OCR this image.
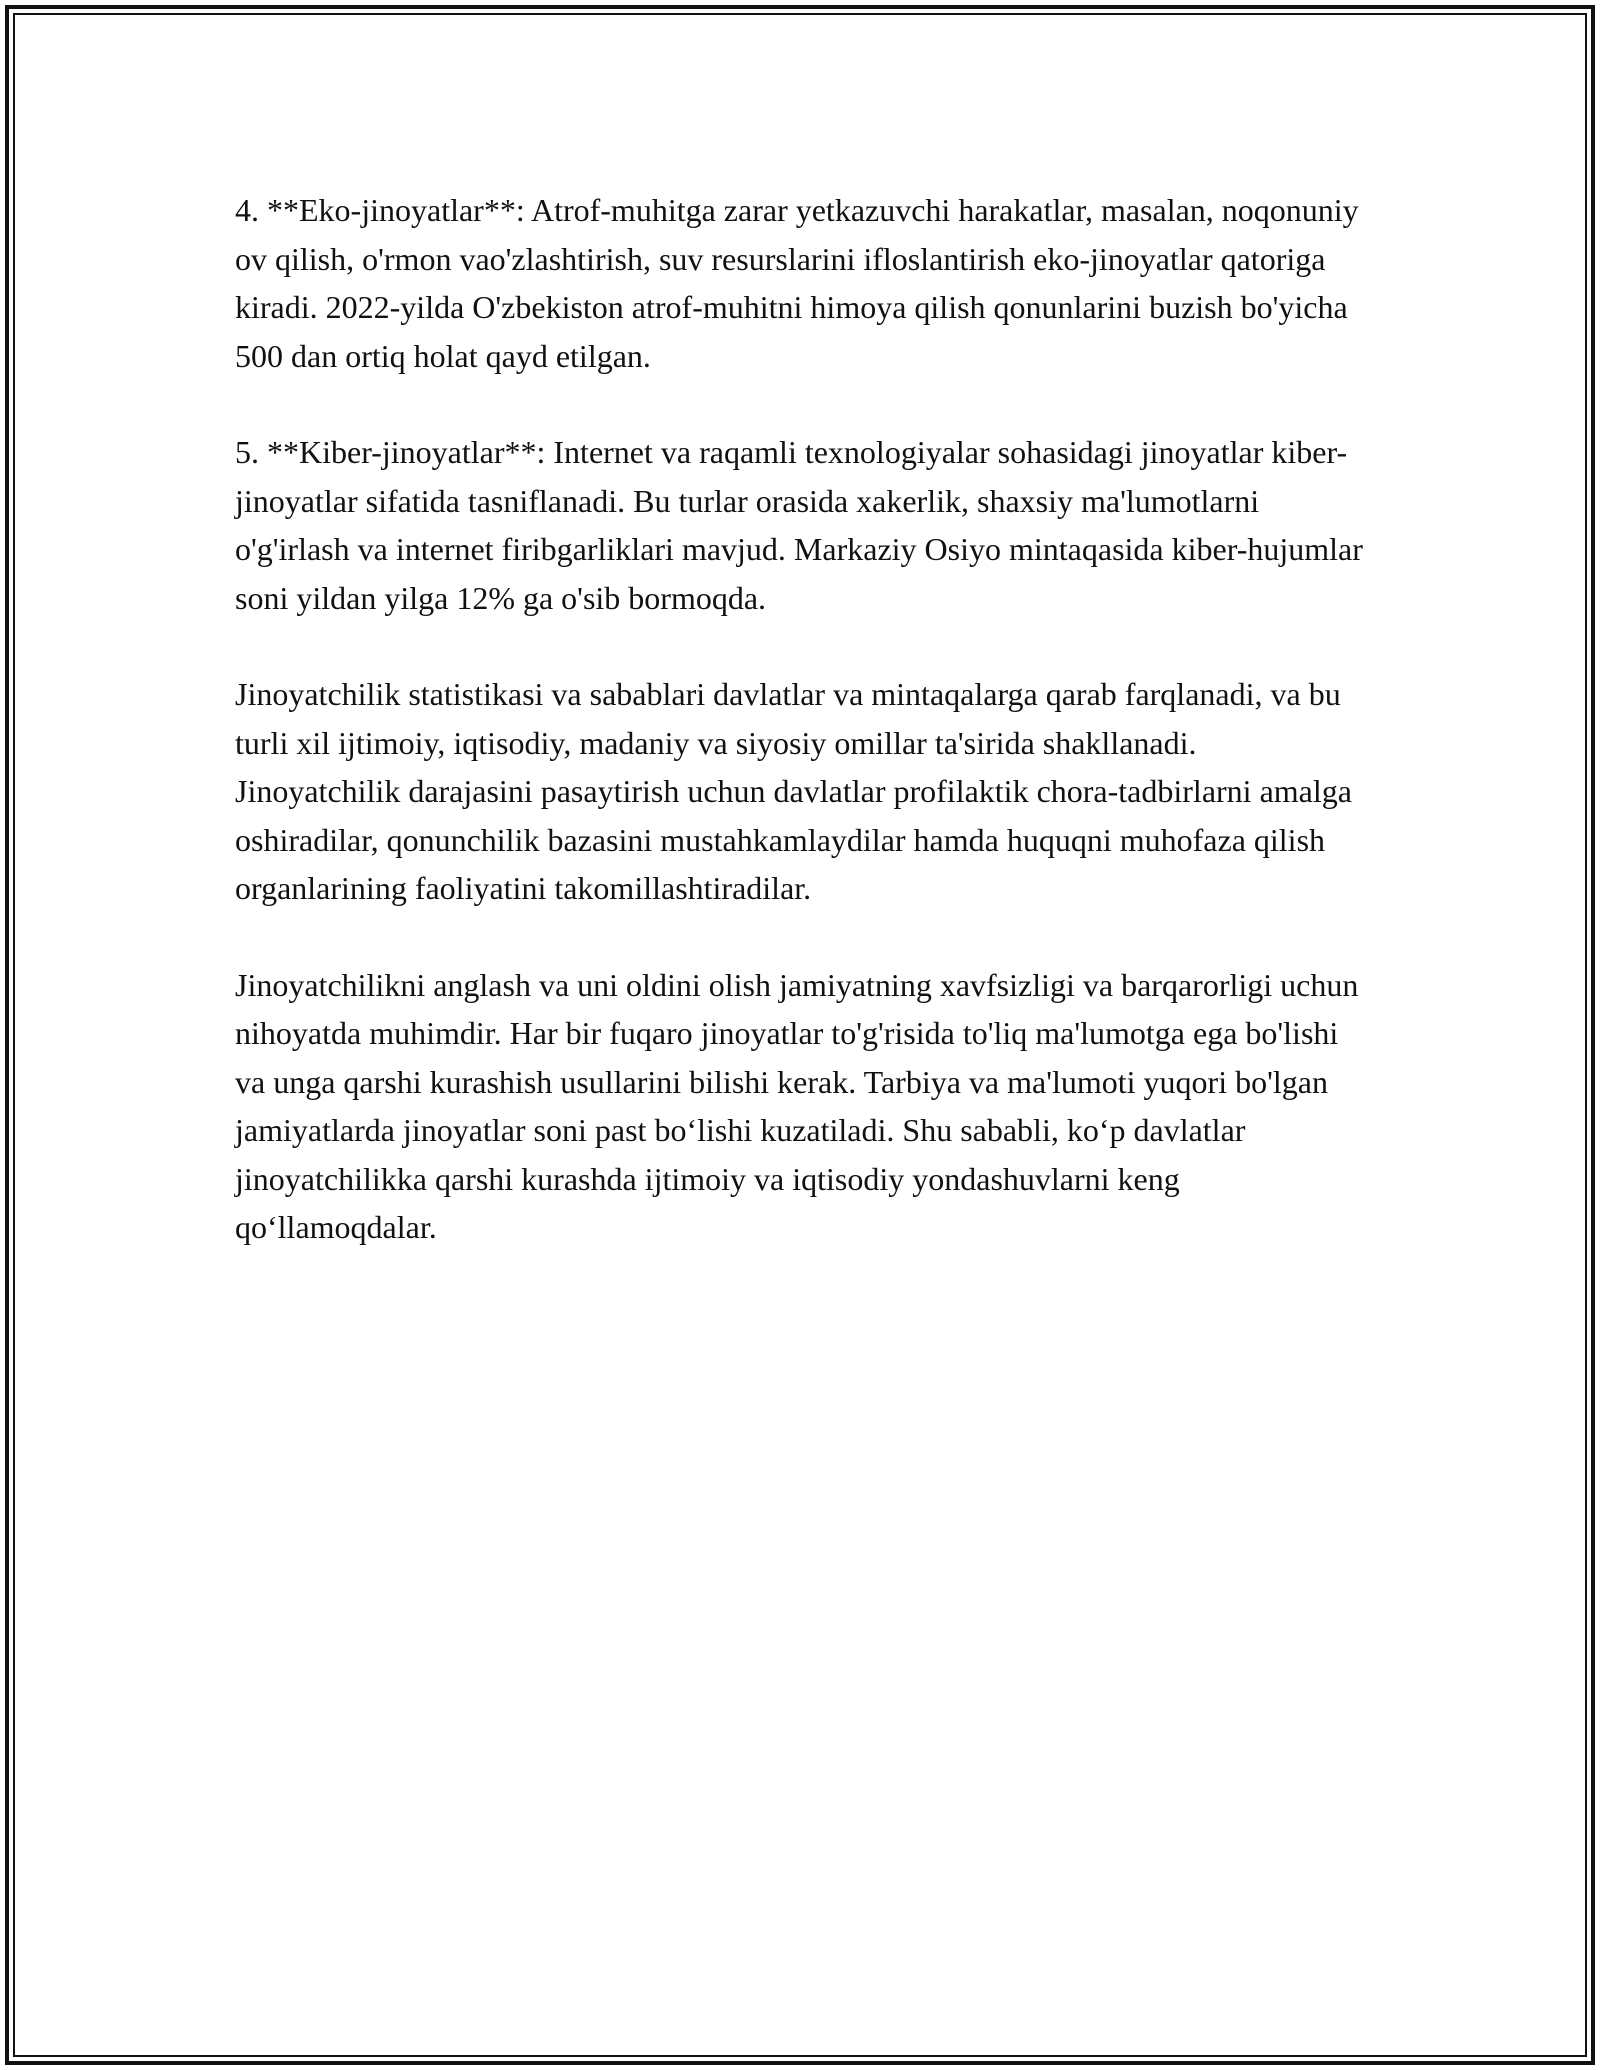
4. **Eko-jinoyatlar**: Atrof-muhitga zarar yetkazuvchi harakatlar, masalan, noqonuniy ov qilish, o'rmon vao'zlashtirish, suv resurslarini ifloslantirish eko-jinoyatlar qatoriga kiradi. 2022-yilda O'zbekiston atrof-muhitni himoya qilish qonunlarini buzish bo'yicha 500 dan ortiq holat qayd etilgan.

5. **Kiber-jinoyatlar**: Internet va raqamli texnologiyalar sohasidagi jinoyatlar kiber-jinoyatlar sifatida tasniflanadi. Bu turlar orasida xakerlik, shaxsiy ma'lumotlarni o'g'irlash va internet firibgarliklari mavjud. Markaziy Osiyo mintaqasida kiber-hujumlar soni yildan yilga 12% ga o'sib bormoqda.

Jinoyatchilik statistikasi va sabablari davlatlar va mintaqalarga qarab farqlanadi, va bu turli xil ijtimoiy, iqtisodiy, madaniy va siyosiy omillar ta'sirida shakllanadi. Jinoyatchilik darajasini pasaytirish uchun davlatlar profilaktik chora-tadbirlarni amalga oshiradilar, qonunchilik bazasini mustahkamlaydilar hamda huquqni muhofaza qilish organlarining faoliyatini takomillashtiradilar.

Jinoyatchilikni anglash va uni oldini olish jamiyatning xavfsizligi va barqarorligi uchun nihoyatda muhimdir. Har bir fuqaro jinoyatlar to'g'risida to'liq ma'lumotga ega bo'lishi va unga qarshi kurashish usullarini bilishi kerak. Tarbiya va ma'lumoti yuqori bo'lgan jamiyatlarda jinoyatlar soni past bo‘lishi kuzatiladi. Shu sababli, ko‘p davlatlar jinoyatchilikka qarshi kurashda ijtimoiy va iqtisodiy yondashuvlarni keng qo‘llamoqdalar.
